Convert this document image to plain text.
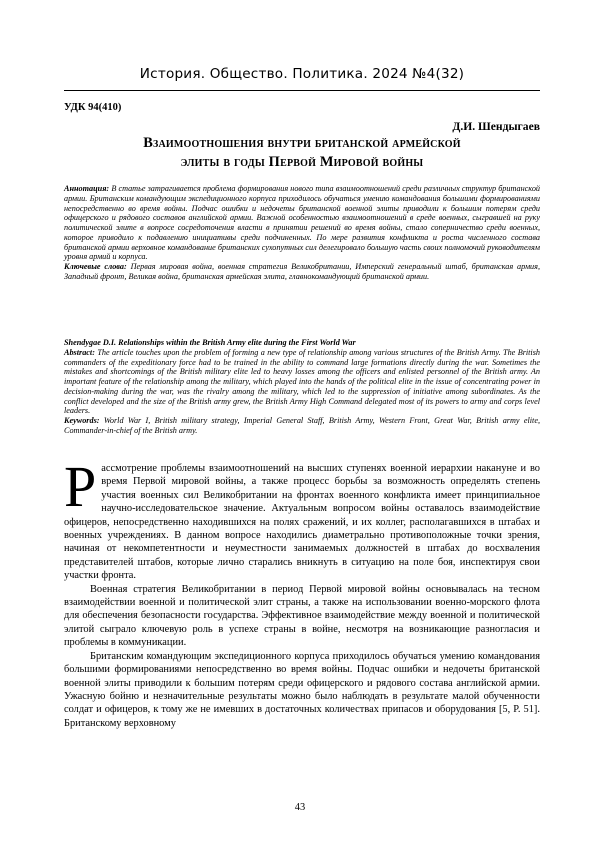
История. Общество. Политика. 2024 №4(32)
УДК 94(410)
Д.И. Шендыгаев
Взаимоотношения внутри британской армейской
элиты в годы Первой Мировой войны
Аннотация: В статье затрагивается проблема формирования нового типа взаимоотношений среди различных структур британской армии. Британским командующим экспедиционного корпуса приходилось обучаться умению командования большими формированиями непосредственно во время войны. Подчас ошибки и недочеты британской военной элиты приводили к большим потерям среди офицерского и рядового составов английской армии. Важной особенностью взаимоотношений в среде военных, сыгравшей на руку политической элите в вопросе сосредоточения власти в принятии решений во время войны, стало соперничество среди военных, которое приводило к подавлению инициативы среди подчиненных. По мере развития конфликта и роста численного состава британской армии верховное командование британских сухопутных сил делегировало большую часть своих полномочий руководителям уровня армий и корпуса.
Ключевые слова: Первая мировая война, военная стратегия Великобритании, Имперский генеральный штаб, британская армия, Западный фронт, Великая война, британская армейская элита, главнокомандующий британской армии.
Shendygae D.I. Relationships within the British Army elite during the First World War
Abstract: The article touches upon the problem of forming a new type of relationship among various structures of the British Army. The British commanders of the expeditionary force had to be trained in the ability to command large formations directly during the war. Sometimes the mistakes and shortcomings of the British military elite led to heavy losses among the officers and enlisted personnel of the British army. An important feature of the relationship among the military, which played into the hands of the political elite in the issue of concentrating power in decision-making during the war, was the rivalry among the military, which led to the suppression of initiative among subordinates. As the conflict developed and the size of the British army grew, the British Army High Command delegated most of its powers to army and corps level leaders.
Keywords: World War I, British military strategy, Imperial General Staff, British Army, Western Front, Great War, British army elite, Commander-in-chief of the British army.

Р ассмотрение проблемы взаимоотношений на высших ступенях военной иерархии накануне и во время Первой мировой войны, а также процесс борьбы за возможность определять степень участия военных сил Великобритании на фронтах военного конфликта имеет принципиальное научно-исследовательское значение. Актуальным вопросом войны оставалось взаимодействие офицеров, непосредственно находившихся на полях сражений, и их коллег, располагавшихся в штабах и военных учреждениях. В данном вопросе находились диаметрально противоположные точки зрения, начиная от некомпетентности и неуместности занимаемых должностей в штабах до восхваления представителей штабов, которые лично старались вникнуть в ситуацию на поле боя, инспектируя свои участки фронта.

Военная стратегия Великобритании в период Первой мировой войны основывалась на тесном взаимодействии военной и политической элит страны, а также на использовании военно-морского флота для обеспечения безопасности государства. Эффективное взаимодействие между военной и политической элитой сыграло ключевую роль в успехе страны в войне, несмотря на возникающие разногласия и проблемы в коммуникации.

Британским командующим экспедиционного корпуса приходилось обучаться умению командования большими формированиями непосредственно во время войны. Подчас ошибки и недочеты британской военной элиты приводили к большим потерям среди офицерского и рядового состава английской армии. Ужасную бойню и незначительные результаты можно было наблюдать в результате малой обученности солдат и офицеров, к тому же не имевших в достаточных количествах припасов и оборудования [5, P. 51]. Британскому верховному

43
